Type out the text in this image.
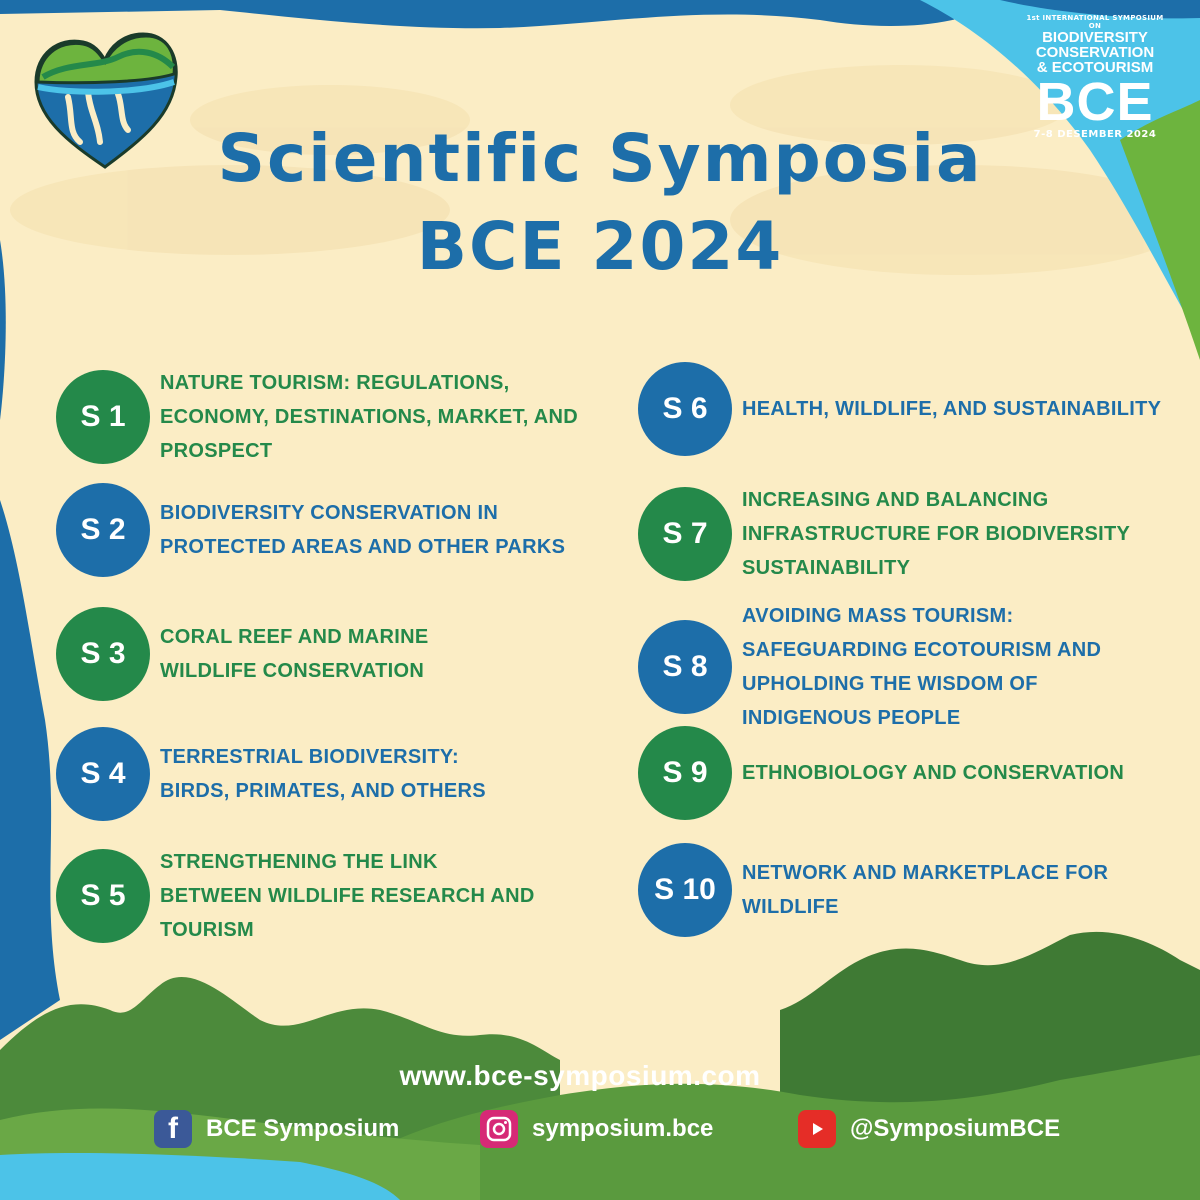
1st INTERNATIONAL SYMPOSIUM ON
BIODIVERSITY
CONSERVATION
& ECOTOURISM
BCE
7-8 DESEMBER 2024
Scientific Symposia
BCE 2024
S 1
NATURE TOURISM: REGULATIONS, ECONOMY, DESTINATIONS, MARKET, AND PROSPECT
S 2	BIODIVERSITY CONSERVATION IN PROTECTED AREAS AND OTHER PARKS
S 3	CORAL REEF AND MARINE WILDLIFE CONSERVATION
S 4	TERRESTRIAL BIODIVERSITY: BIRDS, PRIMATES, AND OTHERS
S 5
STRENGTHENING THE LINK BETWEEN WILDLIFE RESEARCH AND TOURISM
S 6	HEALTH, WILDLIFE, AND SUSTAINABILITY
S 7
INCREASING AND BALANCING INFRASTRUCTURE FOR BIODIVERSITY SUSTAINABILITY
S 8
AVOIDING MASS TOURISM: SAFEGUARDING ECOTOURISM AND UPHOLDING THE WISDOM OF INDIGENOUS PEOPLE
S 9	ETHNOBIOLOGY AND CONSERVATION
S 10	NETWORK AND MARKETPLACE FOR WILDLIFE
www.bce-symposium.com
f	BCE Symposium	symposium.bce	@SymposiumBCE
